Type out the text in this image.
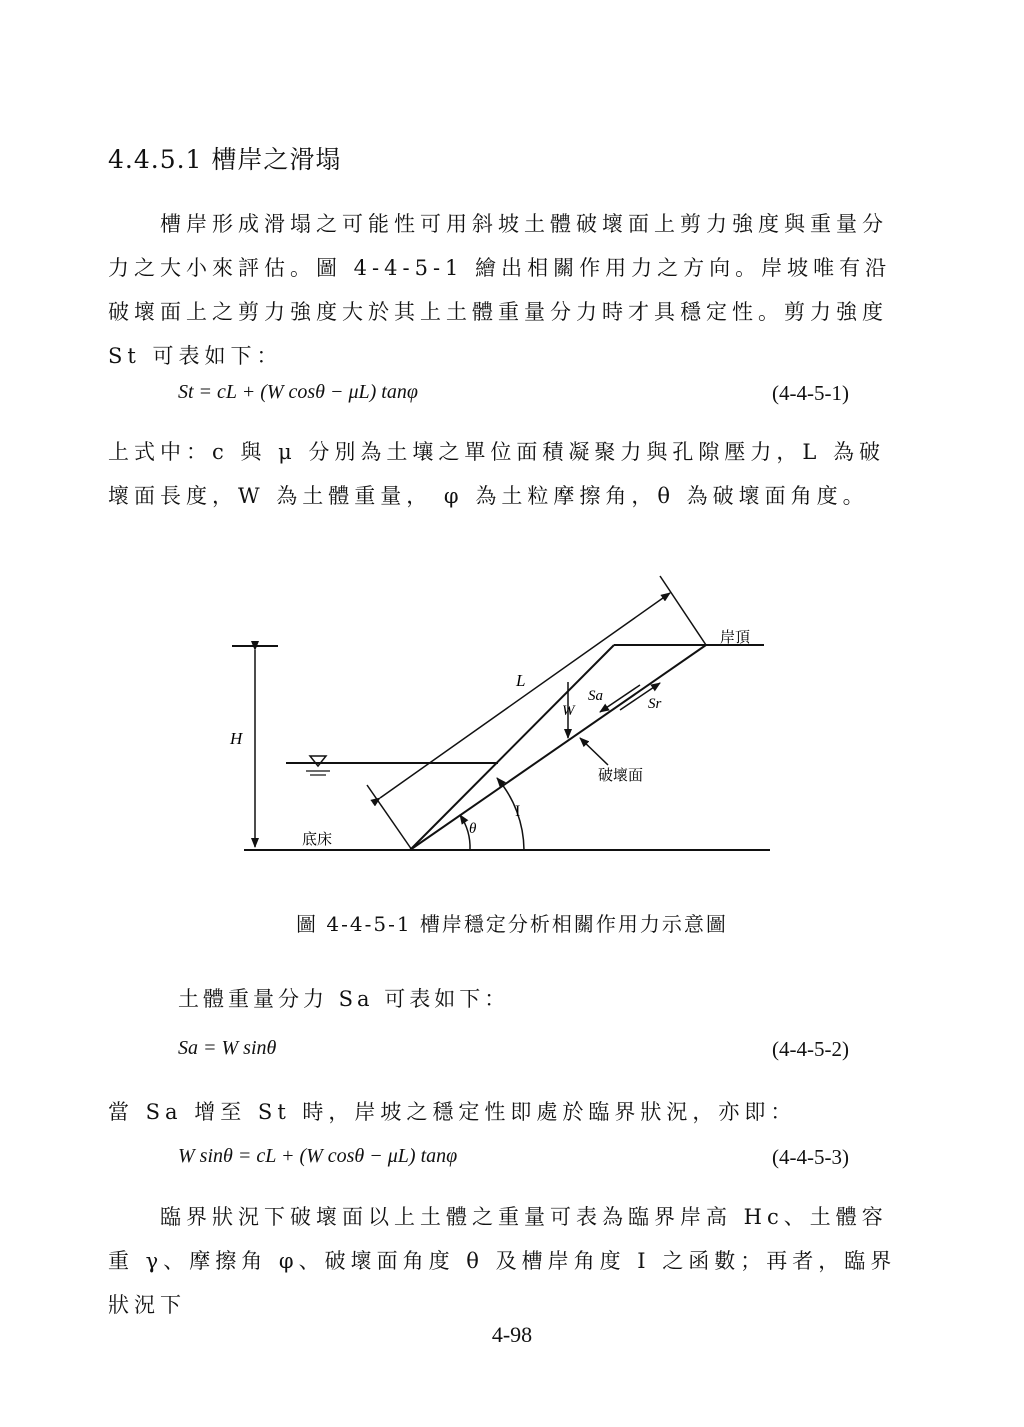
4.4.5.1 槽岸之滑塌
　　槽岸形成滑塌之可能性可用斜坡土體破壞面上剪力強度與重量分力之大小來評估。圖 4-4-5-1 繪出相關作用力之方向。岸坡唯有沿破壞面上之剪力強度大於其上土體重量分力時才具穩定性。剪力強度 St 可表如下：
St = cL + (W cosθ − μL) tanφ	(4-4-5-1)
上式中：c 與 μ 分別為土壤之單位面積凝聚力與孔隙壓力，L 為破壞面長度，W 為土體重量， φ 為土粒摩擦角，θ 為破壞面角度。
岸頂
底床
破壞面
H
L
W
Sa	Sr
I
θ
圖 4-4-5-1 槽岸穩定分析相關作用力示意圖
土體重量分力 Sa 可表如下：
Sa = W sinθ	(4-4-5-2)
當 Sa 增至 St 時，岸坡之穩定性即處於臨界狀況，亦即：
W sinθ = cL + (W cosθ − μL) tanφ	(4-4-5-3)
　　臨界狀況下破壞面以上土體之重量可表為臨界岸高 Hc、土體容重 γ、摩擦角 φ、破壞面角度 θ 及槽岸角度 I 之函數；再者，臨界狀況下
4-98
